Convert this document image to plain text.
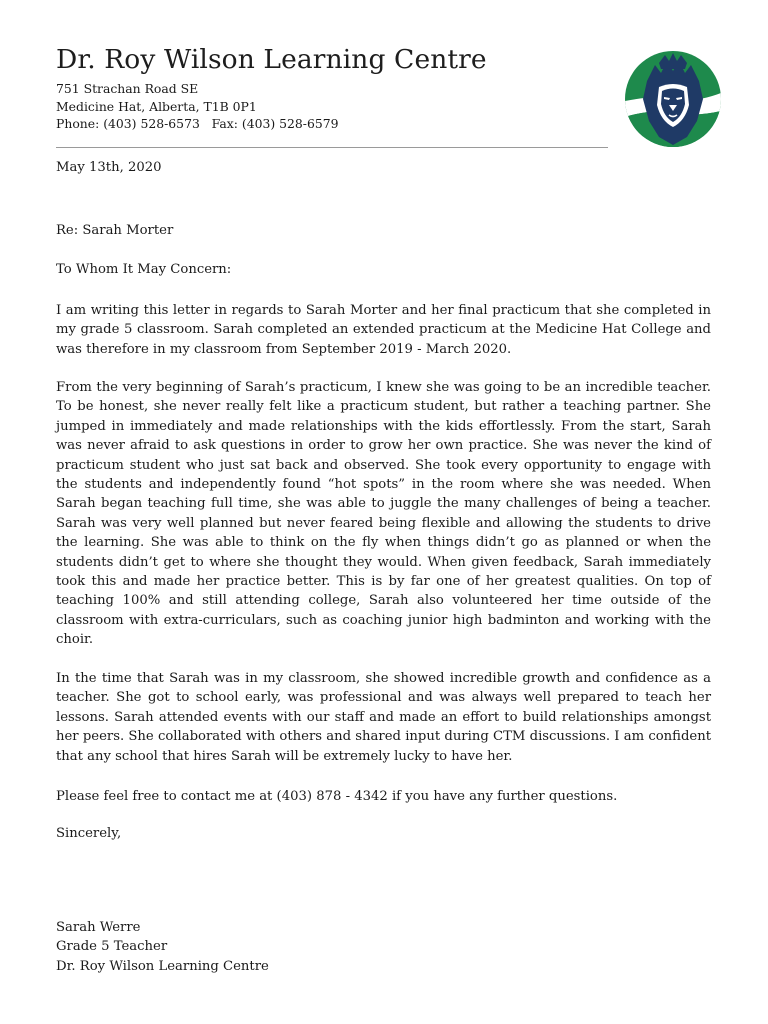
Dr. Roy Wilson Learning Centre
751 Strachan Road SE
Medicine Hat, Alberta, T1B 0P1
Phone: (403) 528-6573   Fax: (403) 528-6579
May 13th, 2020
Re: Sarah Morter
To Whom It May Concern:
I am writing this letter in regards to Sarah Morter and her final practicum that she completed in my grade 5 classroom. Sarah completed an extended practicum at the Medicine Hat College and was therefore in my classroom from September 2019 - March 2020.
From the very beginning of Sarah’s practicum, I knew she was going to be an incredible teacher. To be honest, she never really felt like a practicum student, but rather a teaching partner. She jumped in immediately and made relationships with the kids effortlessly. From the start, Sarah was never afraid to ask questions in order to grow her own practice. She was never the kind of practicum student who just sat back and observed. She took every opportunity to engage with the students and independently found “hot spots” in the room where she was needed. When Sarah began teaching full time, she was able to juggle the many challenges of being a teacher. Sarah was very well planned but never feared being flexible and allowing the students to drive the learning. She was able to think on the fly when things didn’t go as planned or when the students didn’t get to where she thought they would. When given feedback, Sarah immediately took this and made her practice better. This is by far one of her greatest qualities. On top of teaching 100% and still attending college, Sarah also volunteered her time outside of the classroom with extra-curriculars, such as coaching junior high badminton and working with the choir.
In the time that Sarah was in my classroom, she showed incredible growth and confidence as a teacher. She got to school early, was professional and was always well prepared to teach her lessons. Sarah attended events with our staff and made an effort to build relationships amongst her peers. She collaborated with others and shared input during CTM discussions. I am confident that any school that hires Sarah will be extremely lucky to have her.
Please feel free to contact me at (403) 878 - 4342 if you have any further questions.
Sincerely,
Sarah Werre
Grade 5 Teacher
Dr. Roy Wilson Learning Centre
